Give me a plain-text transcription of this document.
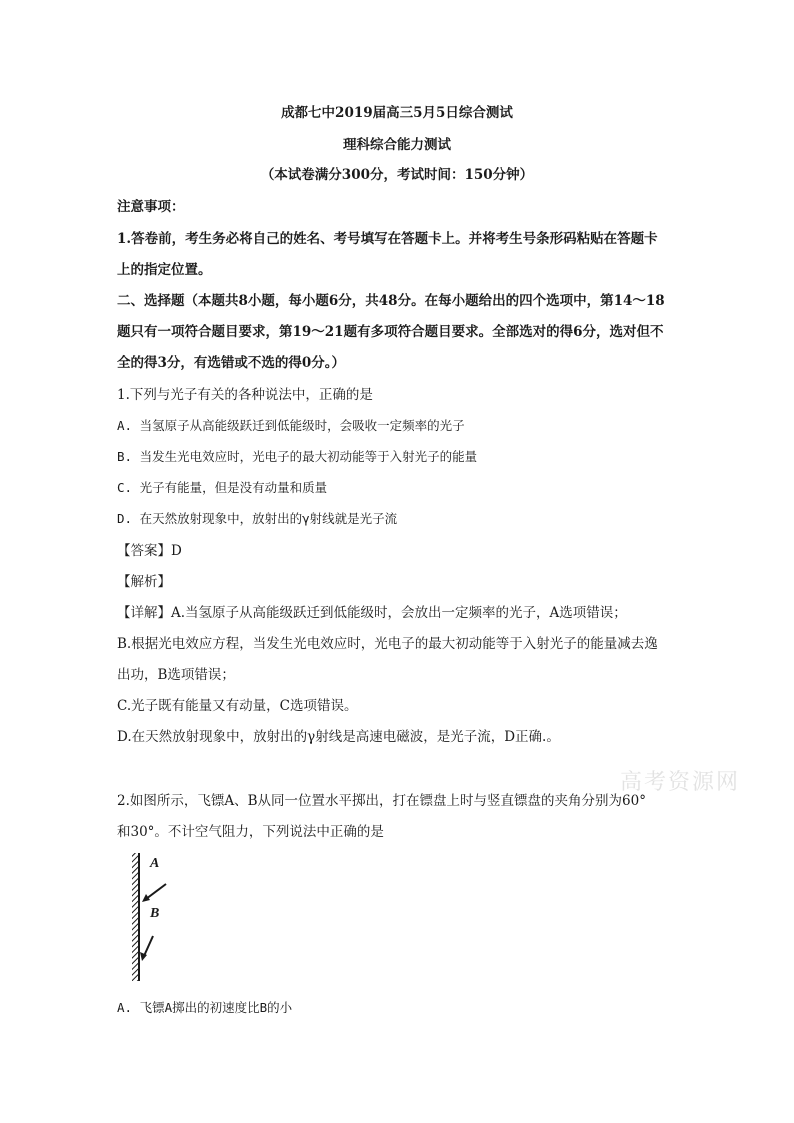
成都七中2019届高三5月5日综合测试
理科综合能力测试
（本试卷满分300分，考试时间：150分钟）
注意事项：
1.答卷前，考生务必将自己的姓名、考号填写在答题卡上。并将考生号条形码粘贴在答题卡
上的指定位置。
二、选择题（本题共8小题，每小题6分，共48分。在每小题给出的四个选项中，第14～18
题只有一项符合题目要求，第19～21题有多项符合题目要求。全部选对的得6分，选对但不
全的得3分，有选错或不选的得0分。）
1.下列与光子有关的各种说法中，正确的是
A. 当氢原子从高能级跃迁到低能级时，会吸收一定频率的光子
B. 当发生光电效应时，光电子的最大初动能等于入射光子的能量
C. 光子有能量，但是没有动量和质量
D. 在天然放射现象中，放射出的γ射线就是光子流
【答案】D
【解析】
【详解】A.当氢原子从高能级跃迁到低能级时，会放出一定频率的光子，A选项错误；
B.根据光电效应方程，当发生光电效应时，光电子的最大初动能等于入射光子的能量减去逸
出功，B选项错误；
C.光子既有能量又有动量，C选项错误。
D.在天然放射现象中，放射出的γ射线是高速电磁波，是光子流，D正确.。
高考资源网
2.如图所示，飞镖A、B从同一位置水平掷出，打在镖盘上时与竖直镖盘的夹角分别为60°
和30°。不计空气阻力，下列说法中正确的是
A
B
A. 飞镖A掷出的初速度比B的小
